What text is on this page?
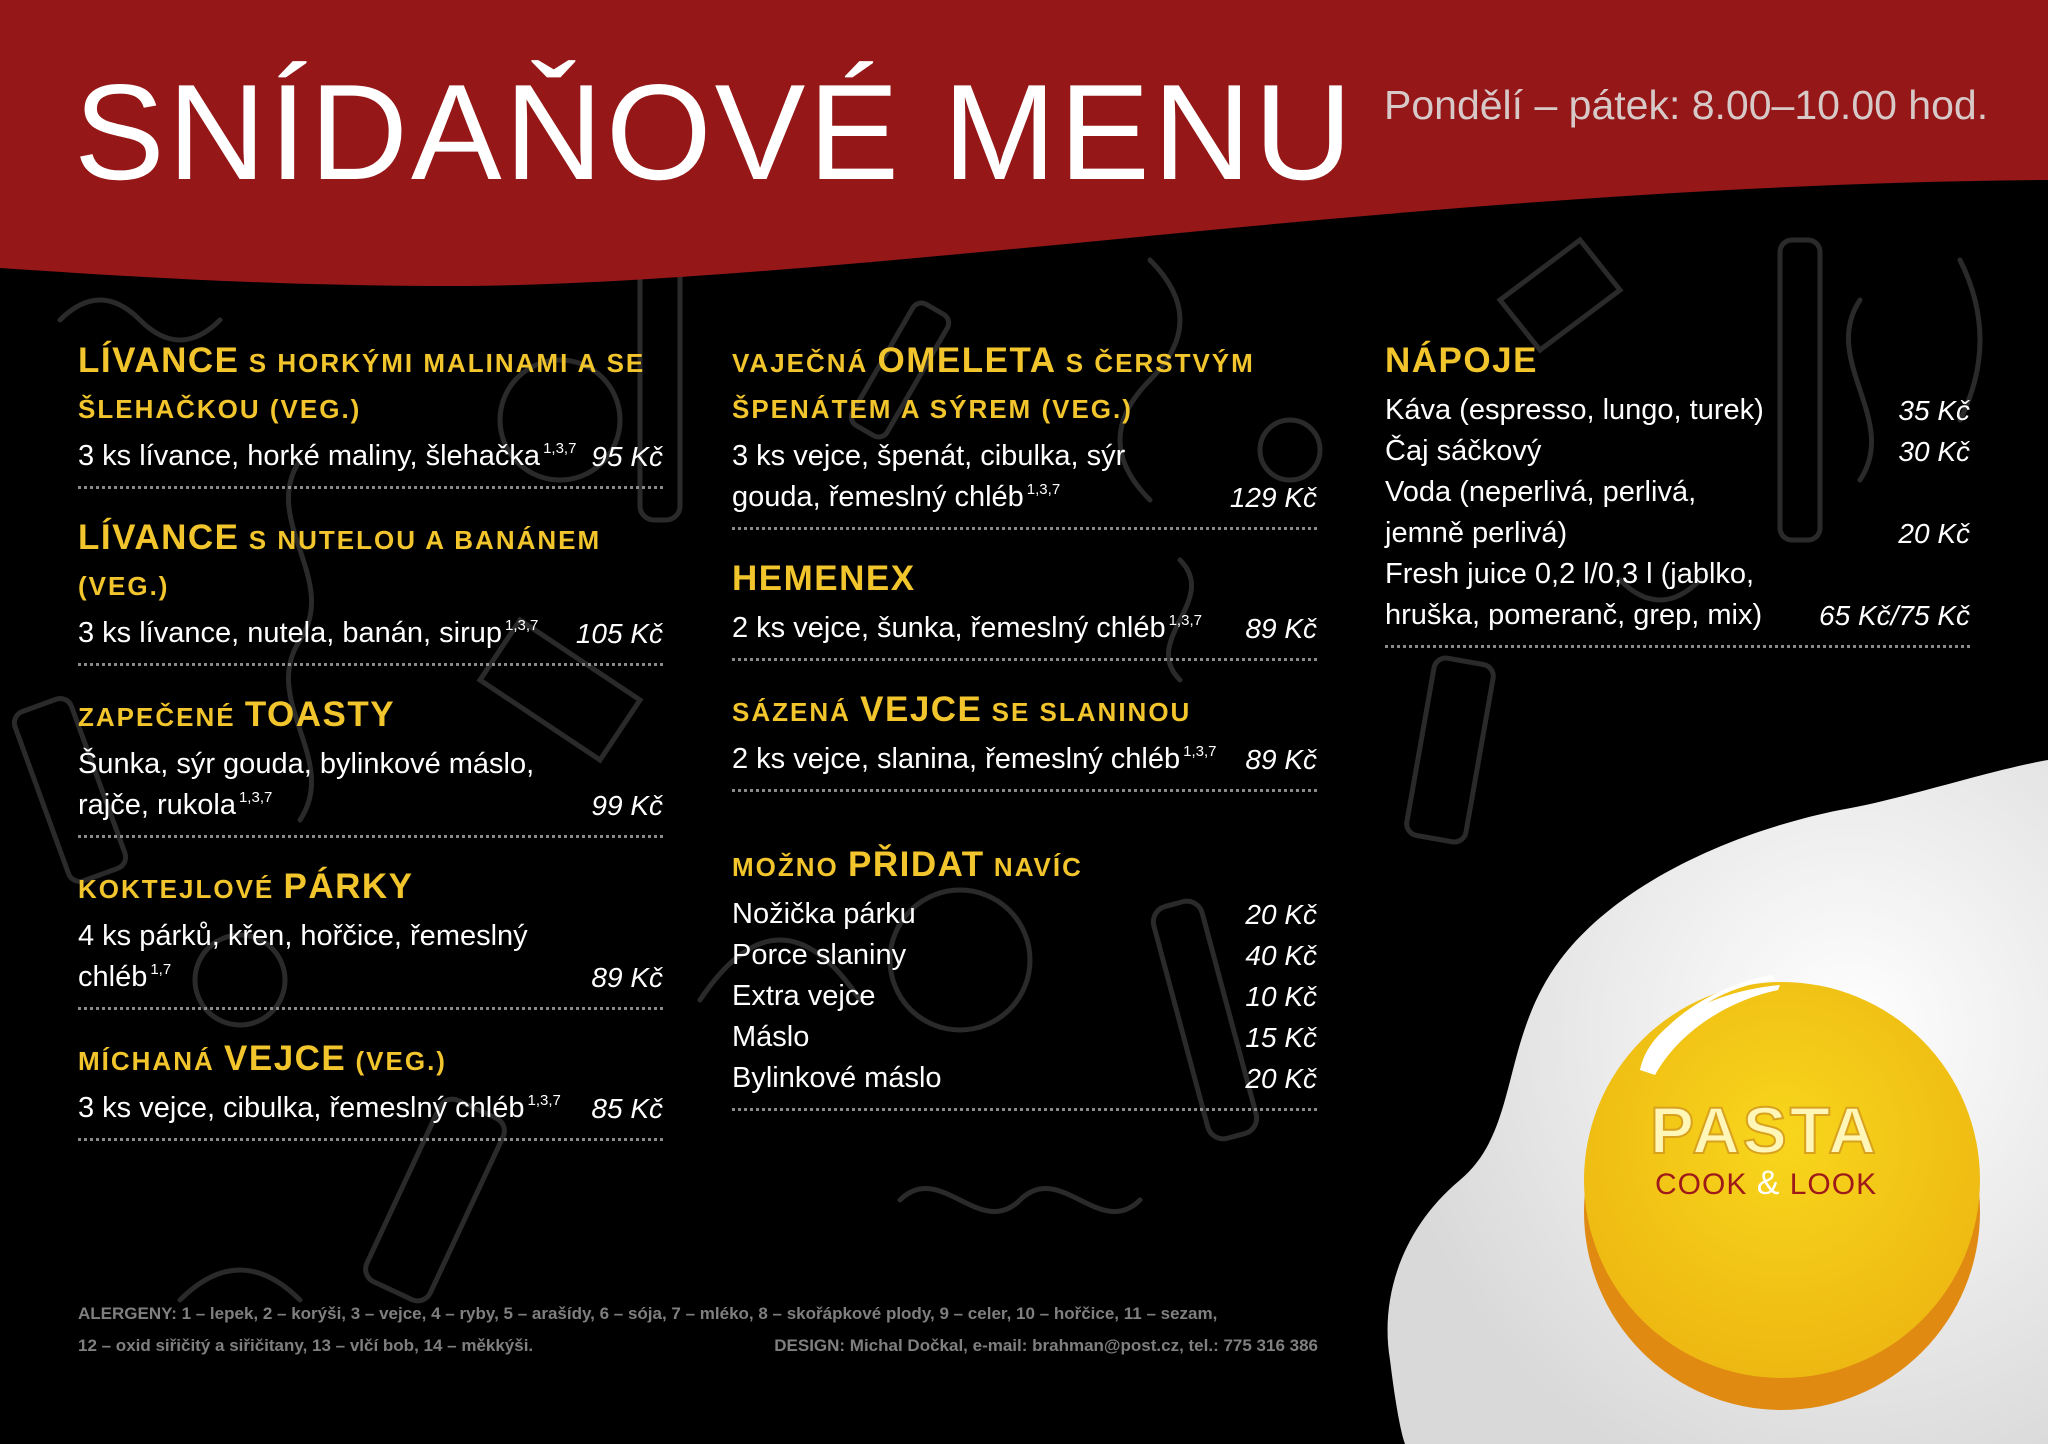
SNÍDAŇOVÉ MENU Pondělí – pátek: 8.00–10.00 hod.
LÍVANCE S HORKÝMI MALINAMI A SE ŠLEHAČKOU (VEG.)
3 ks lívance, horké maliny, šlehačka $^{1,3,7}$ 95 Kč
LÍVANCE S NUTELOU A BANÁNEM (VEG.)
3 ks lívance, nutela, banán, sirup $^{1,3,7}$ 105 Kč
ZAPEČENÉ TOASTY
Šunka, sýr gouda, bylinkové máslo, rajče, rukola $^{1,3,7}$	99 Kč
KOKTEJLOVÉ PÁRKY
4 ks párků, křen, hořčice, řemeslný chléb $^{1,7}$	89 Kč
MÍCHANÁ VEJCE (VEG.)
3 ks vejce, cibulka, řemeslný chléb $^{1,3,7}$ 85 Kč
VAJEČNÁ OMELETA S ČERSTVÝM ŠPENÁTEM A SÝREM (VEG.)
3 ks vejce, špenát, cibulka, sýr gouda, řemeslný chléb $^{1,3,7}$	129 Kč
HEMENEX
2 ks vejce, šunka, řemeslný chléb $^{1,3,7}$ 89 Kč
SÁZENÁ VEJCE SE SLANINOU
2 ks vejce, slanina, řemeslný chléb $^{1,3,7}$ 89 Kč
MOŽNO PŘIDAT NAVÍC
Nožička párku	20 Kč
Porce slaniny	40 Kč
Extra vejce	10 Kč
Máslo	15 Kč
Bylinkové máslo	20 Kč
NÁPOJE
Káva (espresso, lungo, turek)	35 Kč
Čaj sáčkový	30 Kč
Voda (neperlivá, perlivá, jemně perlivá)	20 Kč
Fresh juice 0,2 l/0,3 l (jablko, hruška, pomeranč, grep, mix)	65 Kč/75 Kč
ALERGENY: 1 – lepek, 2 – korýši, 3 – vejce, 4 – ryby, 5 – arašídy, 6 – sója, 7 – mléko, 8 – skořápkové plody, 9 – celer, 10 – hořčice, 11 – sezam,
12 – oxid siřičitý a siřičitany, 13 – vlčí bob, 14 – měkkýši.	DESIGN: Michal Dočkal, e-mail: brahman@post.cz, tel.: 775 316 386
PASTA
COOK & LOOK
